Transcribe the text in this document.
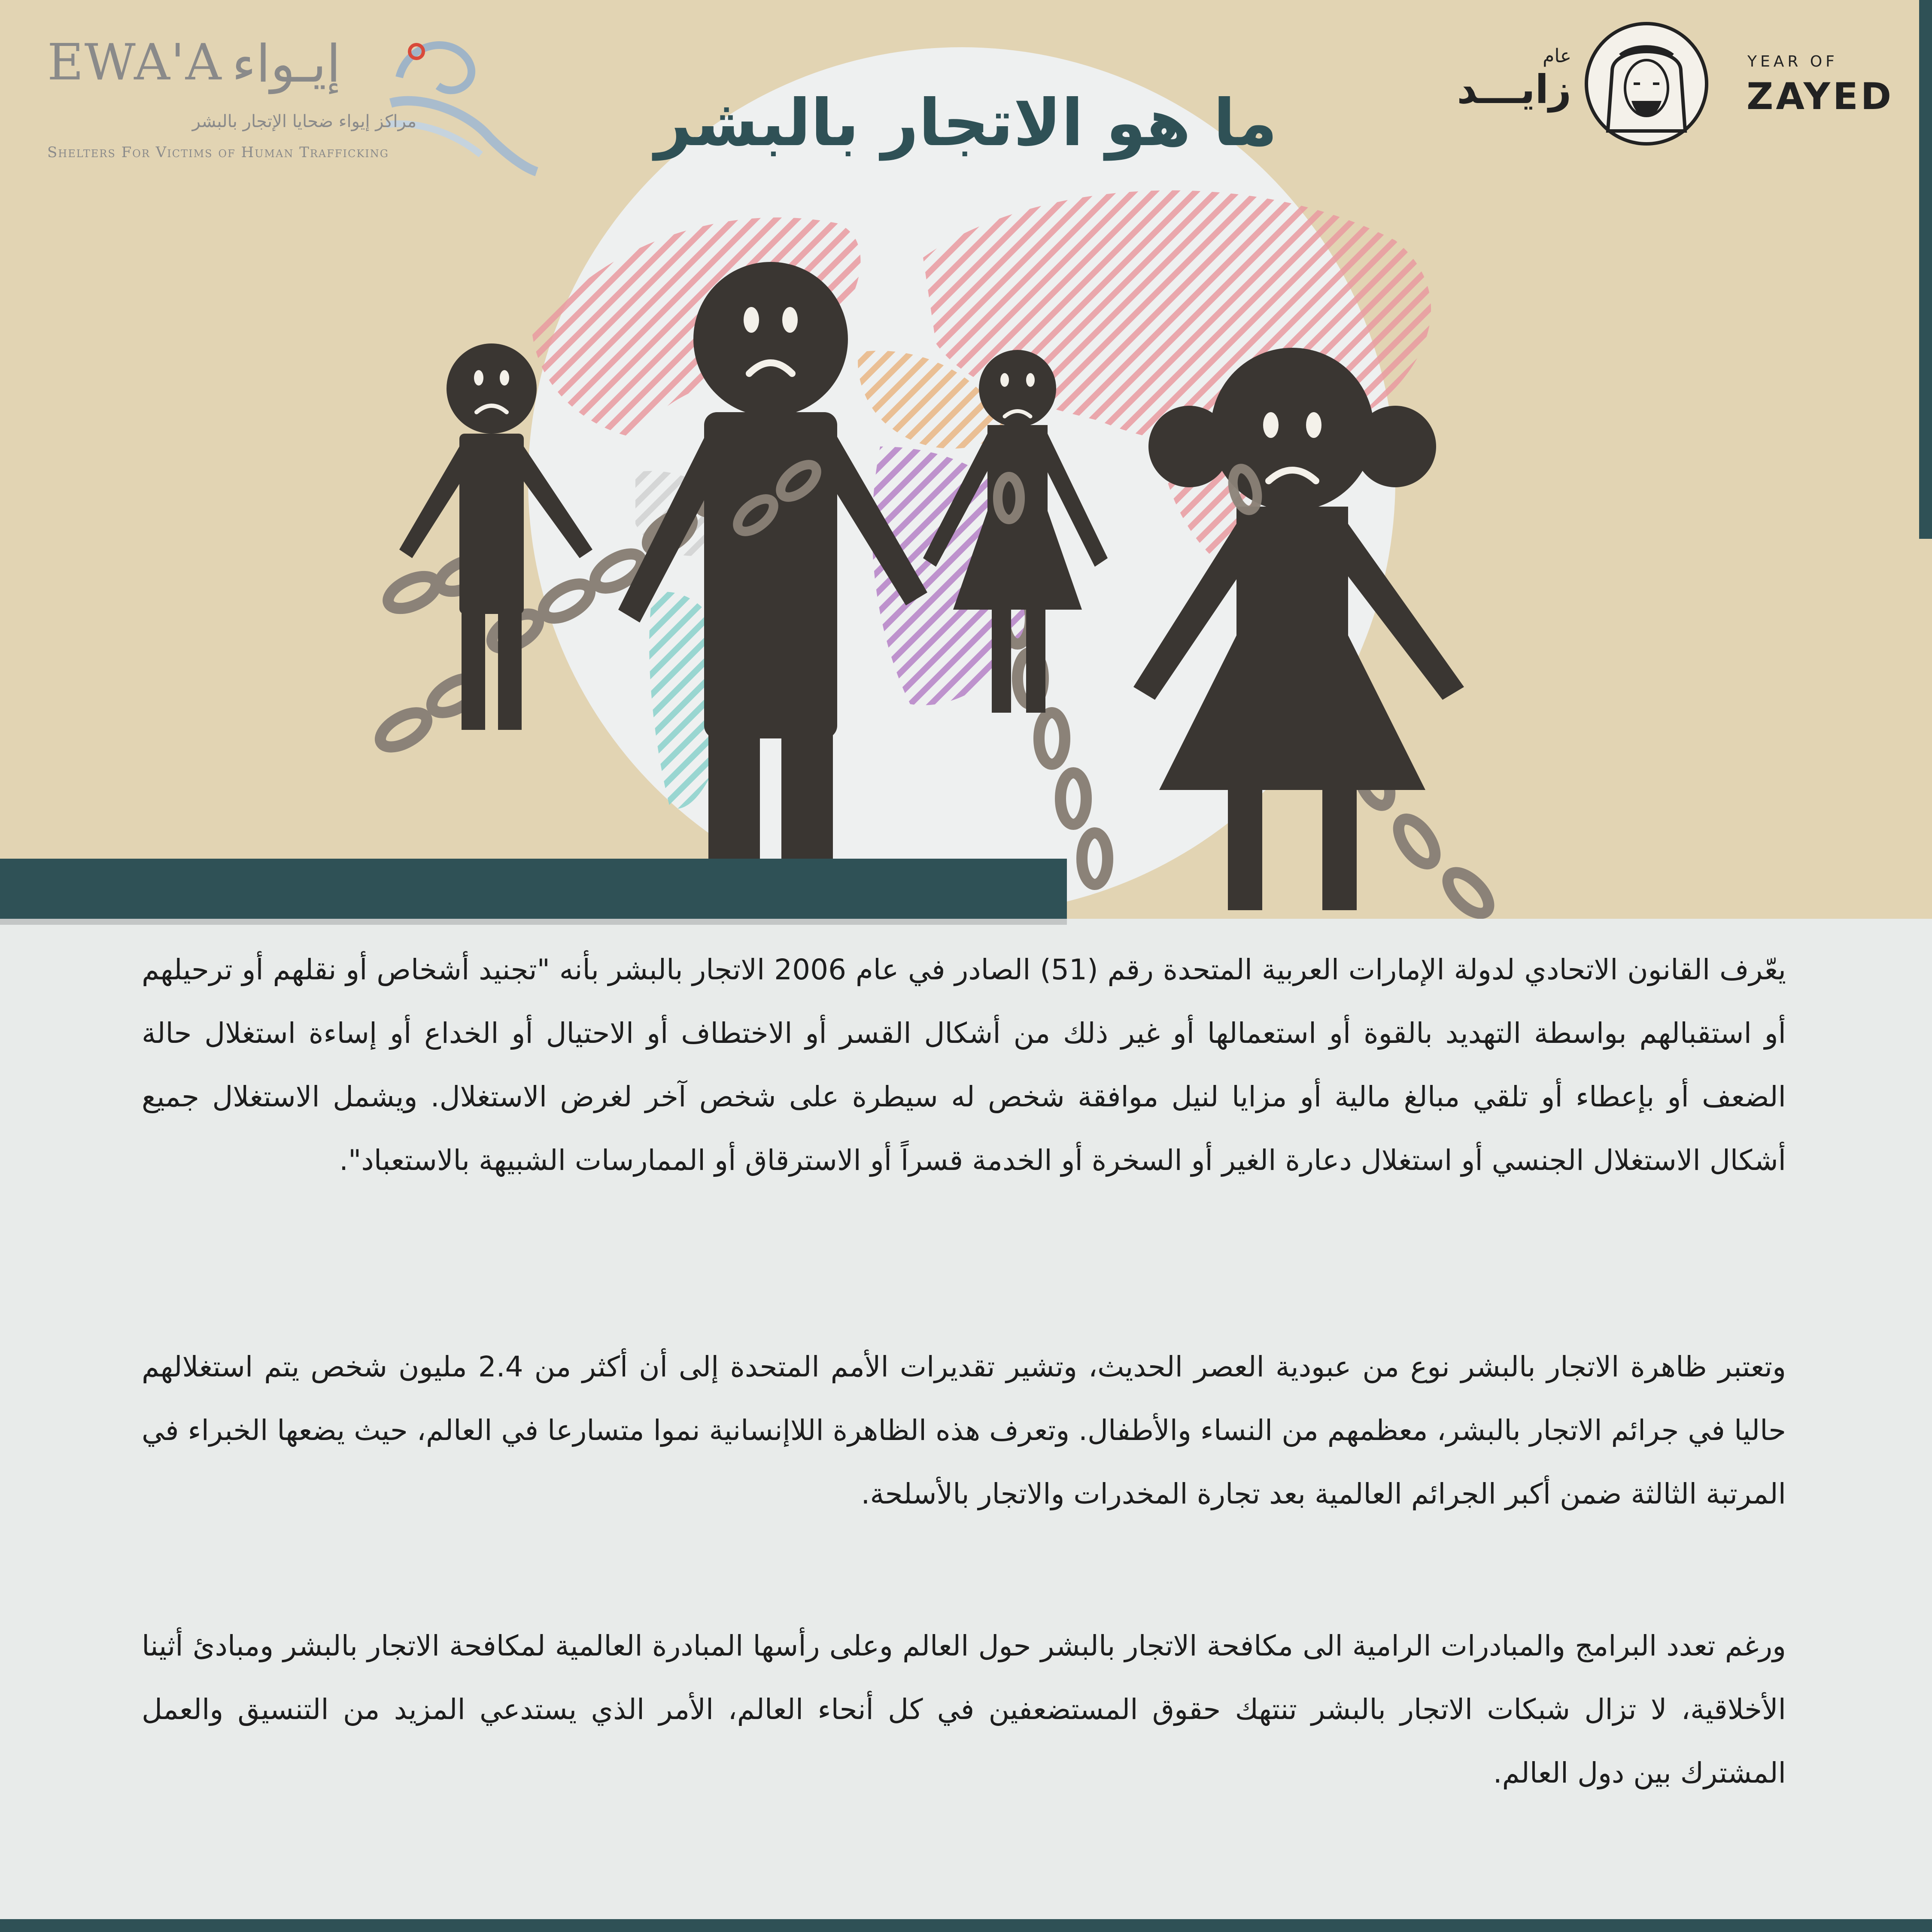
ما هو الاتجار بالبشر
EWA'A إيـواء
مراكز إيواء ضحايا الإتجار بالبشر
Shelters For Victims of Human Trafficking
عام
زايـــد
YEAR OF
ZAYED
يعّرف القانون الاتحادي لدولة الإمارات العربية المتحدة رقم (51) الصادر في عام 2006 الاتجار بالبشر بأنه "تجنيد أشخاص أو نقلهم أو ترحيلهم أو استقبالهم بواسطة التهديد بالقوة أو استعمالها أو غير ذلك من أشكال القسر أو الاختطاف أو الاحتيال أو الخداع أو إساءة استغلال حالة الضعف أو بإعطاء أو تلقي مبالغ مالية أو مزايا لنيل موافقة شخص له سيطرة على شخص آخر لغرض الاستغلال. ويشمل الاستغلال جميع أشكال الاستغلال الجنسي أو استغلال دعارة الغير أو السخرة أو الخدمة قسراً أو الاسترقاق أو الممارسات الشبيهة بالاستعباد".
وتعتبر ظاهرة الاتجار بالبشر نوع من عبودية العصر الحديث، وتشير تقديرات الأمم المتحدة إلى أن أكثر من 2.4 مليون شخص يتم استغلالهم حاليا في جرائم الاتجار بالبشر، معظمهم من النساء والأطفال. وتعرف هذه الظاهرة اللاإنسانية نموا متسارعا في العالم، حيث يضعها الخبراء في المرتبة الثالثة ضمن أكبر الجرائم العالمية بعد تجارة المخدرات والاتجار بالأسلحة.
ورغم تعدد البرامج والمبادرات الرامية الى مكافحة الاتجار بالبشر حول العالم وعلى رأسها المبادرة العالمية لمكافحة الاتجار بالبشر ومبادئ أثينا الأخلاقية، لا تزال شبكات الاتجار بالبشر تنتهك حقوق المستضعفين في كل أنحاء العالم، الأمر الذي يستدعي المزيد من التنسيق والعمل المشترك بين دول العالم.
